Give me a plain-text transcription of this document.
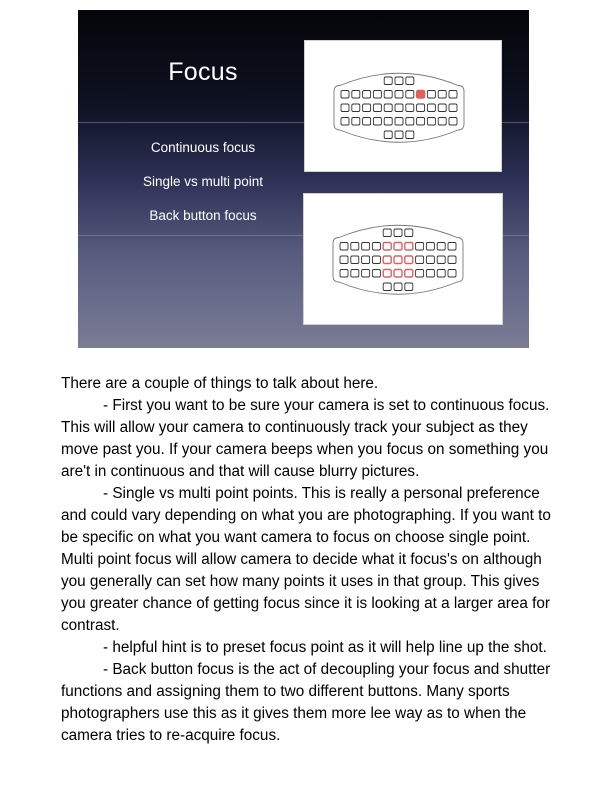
Focus
Continuous focus
Single vs multi point
Back button focus

There are a couple of things to talk about here.

- First you want to be sure your camera is set to continuous focus. This will allow your camera to continuously track your subject as they move past you. If your camera beeps when you focus on something you are't in continuous and that will cause blurry pictures.

- Single vs multi point points. This is really a personal preference and could vary depending on what you are photographing. If you want to be specific on what you want camera to focus on choose single point. Multi point focus will allow camera to decide what it focus's on although you generally can set how many points it uses in that group. This gives you greater chance of getting focus since it is looking at a larger area for contrast.

- helpful hint is to preset focus point as it will help line up the shot.

- Back button focus is the act of decoupling your focus and shutter functions and assigning them to two different buttons. Many sports photographers use this as it gives them more lee way as to when the camera tries to re-acquire focus.
